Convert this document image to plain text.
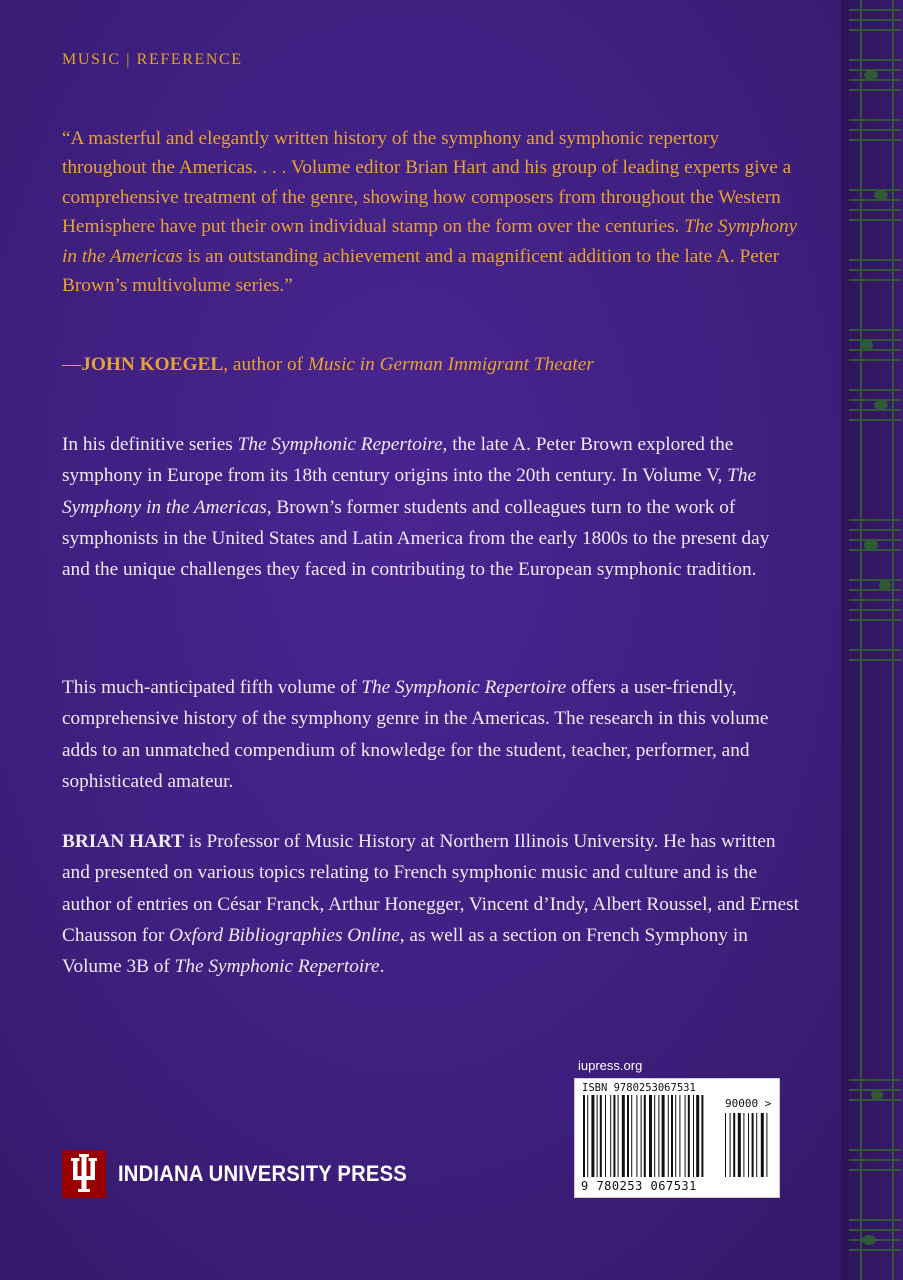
MUSIC | REFERENCE

“A masterful and elegantly written history of the symphony and symphonic repertory throughout the Americas. . . . Volume editor Brian Hart and his group of leading experts give a comprehensive treatment of the genre, showing how composers from throughout the Western Hemisphere have put their own individual stamp on the form over the centuries. The Symphony in the Americas is an outstanding achievement and a magnificent addition to the late A. Peter Brown’s multivolume series.”

—JOHN KOEGEL, author of Music in German Immigrant Theater

In his definitive series The Symphonic Repertoire, the late A. Peter Brown explored the symphony in Europe from its 18th century origins into the 20th century. In Volume V, The Symphony in the Americas, Brown’s former students and colleagues turn to the work of symphonists in the United States and Latin America from the early 1800s to the present day and the unique challenges they faced in contributing to the European symphonic tradition.

This much-anticipated fifth volume of The Symphonic Repertoire offers a user-friendly, comprehensive history of the symphony genre in the Americas. The research in this volume adds to an unmatched compendium of knowledge for the student, teacher, performer, and sophisticated amateur.

BRIAN HART is Professor of Music History at Northern Illinois University. He has written and presented on various topics relating to French symphonic music and culture and is the author of entries on César Franck, Arthur Honegger, Vincent d’Indy, Albert Roussel, and Ernest Chausson for Oxford Bibliographies Online, as well as a section on French Symphony in Volume 3B of The Symphonic Repertoire.

iupress.org

ISBN 9780253067531

90000 >

9 780253 067531

INDIANA UNIVERSITY PRESS
